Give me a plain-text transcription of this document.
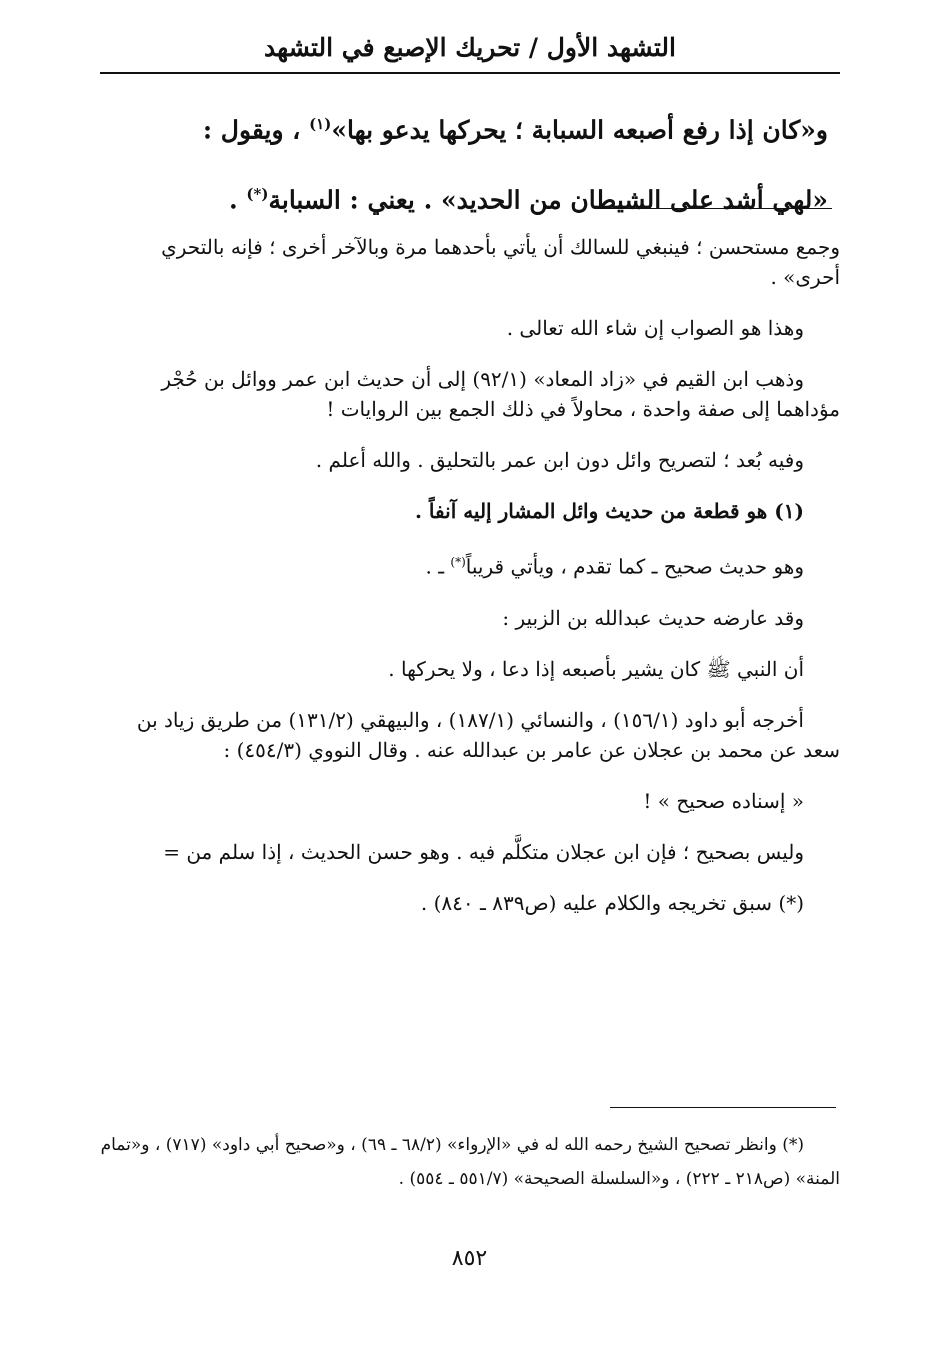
التشهد الأول / تحريك الإصبع في التشهد
و«كان إذا رفع أصبعه السبابة ؛ يحركها يدعو بها»$^{(١)}$ ، ويقول :
«لهي أشد على الشيطان من الحديد» . يعني : السبابة(*) .

وجمع مستحسن ؛ فينبغي للسالك أن يأتي بأحدهما مرة وبالآخر أخرى ؛ فإنه بالتحري أحرى» .

وهذا هو الصواب إن شاء الله تعالى .

وذهب ابن القيم في «زاد المعاد» (٩٢/١) إلى أن حديث ابن عمر ووائل بن حُجْر مؤداهما إلى صفة واحدة ، محاولاً في ذلك الجمع بين الروايات !

وفيه بُعد ؛ لتصريح وائل دون ابن عمر بالتحليق . والله أعلم .

(١) هو قطعة من حديث وائل المشار إليه آنفاً .

وهو حديث صحيح ـ كما تقدم ، ويأتي قريباً(*) ـ .

وقد عارضه حديث عبدالله بن الزبير :

أن النبي ﷺ كان يشير بأصبعه إذا دعا ، ولا يحركها .

أخرجه أبو داود (١٥٦/١) ، والنسائي (١٨٧/١) ، والبيهقي (١٣١/٢) من طريق زياد بن سعد عن محمد بن عجلان عن عامر بن عبدالله عنه . وقال النووي (٤٥٤/٣) :

« إسناده صحيح » !

وليس بصحيح ؛ فإن ابن عجلان متكلَّم فيه . وهو حسن الحديث ، إذا سلم من =

(*) سبق تخريجه والكلام عليه (ص٨٣٩ ـ ٨٤٠) .

(*) وانظر تصحيح الشيخ رحمه الله له في «الإرواء» (٦٨/٢ ـ ٦٩) ، و«صحيح أبي داود» (٧١٧) ، و«تمام المنة» (ص٢١٨ ـ ٢٢٢) ، و«السلسلة الصحيحة» (٥٥١/٧ ـ ٥٥٤) .

٨٥٢
